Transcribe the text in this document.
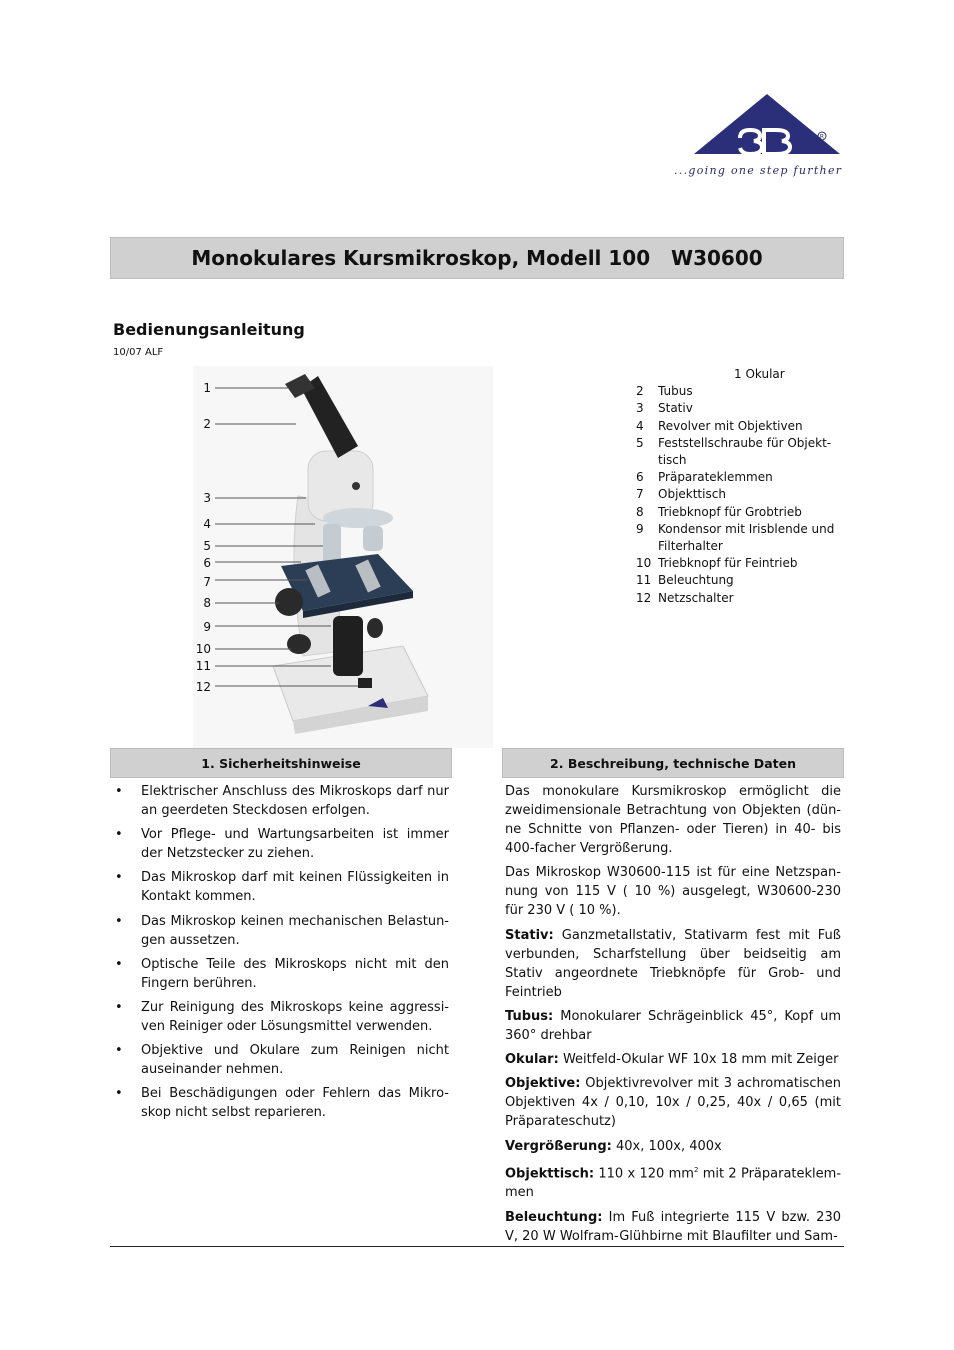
R
...going one step further
Monokulares Kursmikroskop, Modell 100   W30600
Bedienungsanleitung
10/07 ALF
1
2
3
4
5
6
7
8
9
10
11
12
1 Okular
2	Tubus
3	Stativ
4	Revolver mit Objektiven
5	Feststellschraube für Objekt-tisch
6	Präparateklemmen
7	Objekttisch
8	Triebknopf für Grobtrieb
9	Kondensor mit Irisblende und Filterhalter
10 Triebknopf für Feintrieb
11 Beleuchtung
12 Netzschalter
1. Sicherheitshinweise
• Elektrischer Anschluss des Mikroskops darf nur an geerdeten Steckdosen erfolgen.
• Vor Pflege- und Wartungsarbeiten ist immer der Netzstecker zu ziehen.
• Das Mikroskop darf mit keinen Flüssigkeiten in Kontakt kommen.
• Das Mikroskop keinen mechanischen Belastun-gen aussetzen.
• Optische Teile des Mikroskops nicht mit den Fingern berühren.
• Zur Reinigung des Mikroskops keine aggressi-ven Reiniger oder Lösungsmittel verwenden.
• Objektive und Okulare zum Reinigen nicht auseinander nehmen.
• Bei Beschädigungen oder Fehlern das Mikro-skop nicht selbst reparieren.
2. Beschreibung, technische Daten

Das monokulare Kursmikroskop ermöglicht die zweidimensionale Betrachtung von Objekten (dün-ne Schnitte von Pflanzen- oder Tieren) in 40- bis 400-facher Vergrößerung.

Das Mikroskop W30600-115 ist für eine Netzspan-nung von 115 V ( 10 %) ausgelegt, W30600-230 für 230 V ( 10 %).

Stativ: Ganzmetallstativ, Stativarm fest mit Fuß verbunden, Scharfstellung über beidseitig am Stativ angeordnete Triebknöpfe für Grob- und Feintrieb

Tubus: Monokularer Schrägeinblick 45°, Kopf um 360° drehbar

Okular: Weitfeld-Okular WF 10x 18 mm mit Zeiger

Objektive: Objektivrevolver mit 3 achromatischen Objektiven 4x / 0,10, 10x / 0,25, 40x / 0,65 (mit Präparateschutz)

Vergrößerung: 40x, 100x, 400x

Objekttisch: 110 x 120 $mm^2$ mit 2 Präparateklem-men

Beleuchtung: Im Fuß integrierte 115 V bzw. 230 V, 20 W Wolfram-Glühbirne mit Blaufilter und Sam-
